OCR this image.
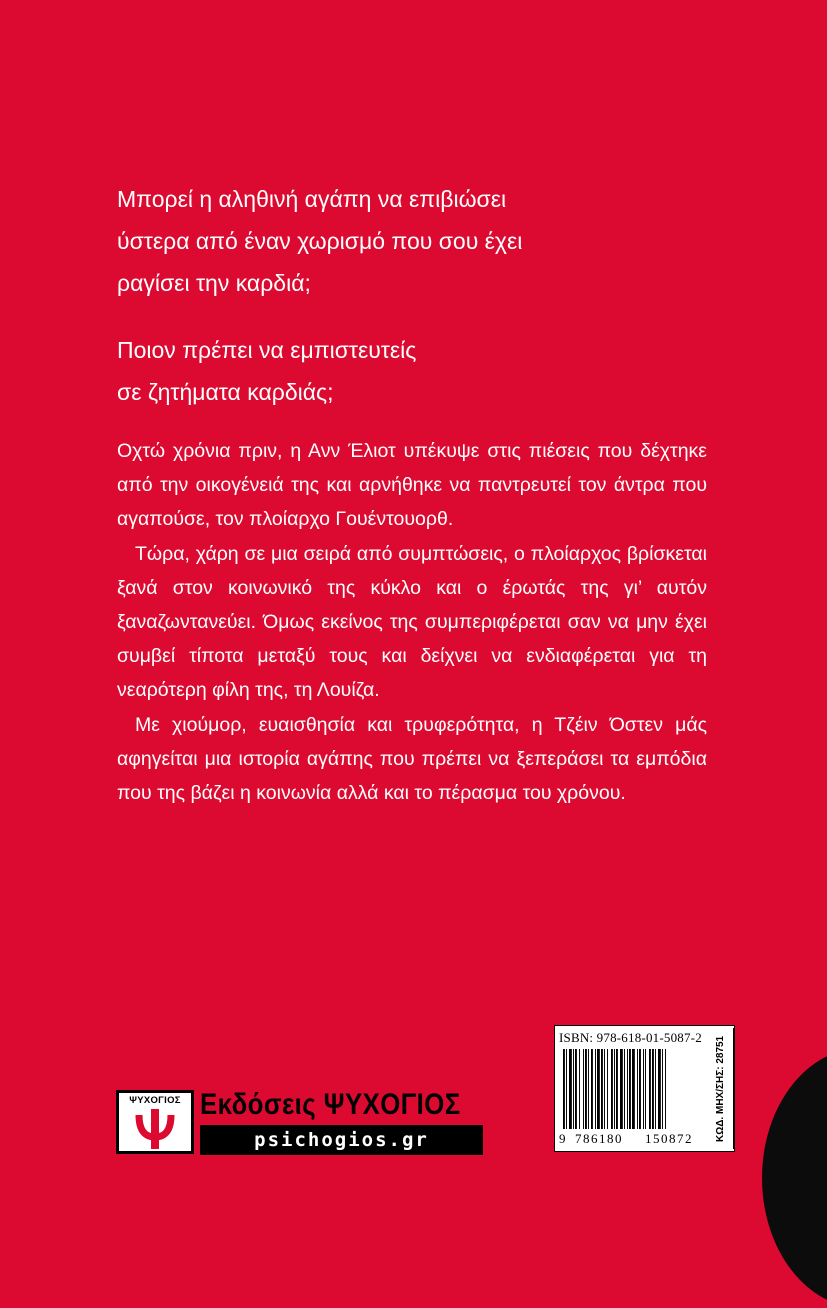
Μπορεί η αληθινή αγάπη να επιβιώσει
ύστερα από έναν χωρισμό που σου έχει
ραγίσει την καρδιά;
Ποιον πρέπει να εμπιστευτείς
σε ζητήματα καρδιάς;

Οχτώ χρόνια πριν, η Ανν Έλιοτ υπέκυψε στις πιέσεις που δέχτηκε από την οικογένειά της και αρνήθηκε να παντρευτεί τον άντρα που αγαπούσε, τον πλοίαρχο Γουέντουορθ.

Τώρα, χάρη σε μια σειρά από συμπτώσεις, ο πλοίαρχος βρίσκεται ξανά στον κοινωνικό της κύκλο και ο έρωτάς της γι’ αυτόν ξαναζωντανεύει. Όμως εκείνος της συμπεριφέρεται σαν να μην έχει συμβεί τίποτα μεταξύ τους και δείχνει να ενδιαφέρεται για τη νεαρότερη φίλη της, τη Λουίζα.

Με χιούμορ, ευαισθησία και τρυφερότητα, η Τζέιν Όστεν μάς αφηγείται μια ιστορία αγάπης που πρέπει να ξεπεράσει τα εμπόδια που της βάζει η κοινωνία αλλά και το πέρασμα του χρόνου.

ISBN: 978-618-01-5087-2
9 786180 150872 ΚΩΔ. ΜΗΧ/ΣΗΣ: 28751
ΨΥΧΟΓΙΟΣ Εκδόσεις ΨΥΧΟΓΙΟΣ
psichogios.gr
